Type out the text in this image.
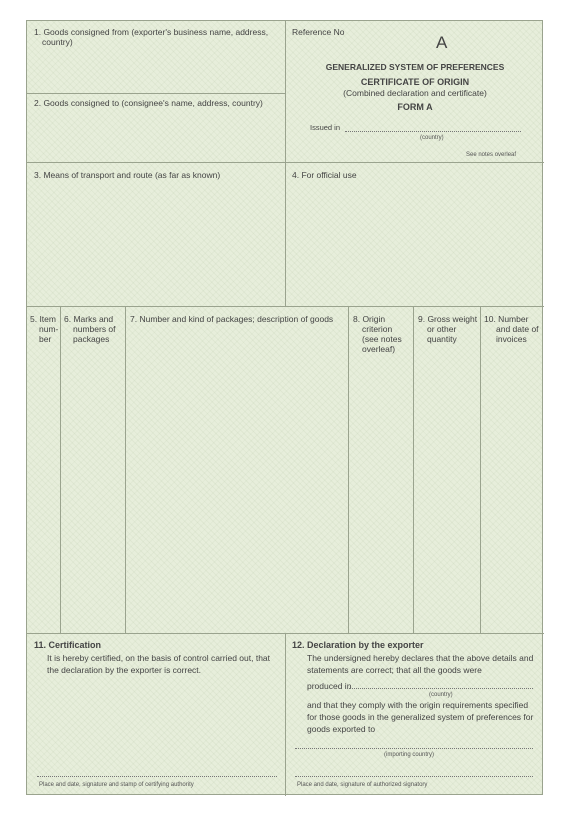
1. Goods consigned from (exporter's business name, address,
country)
2. Goods consigned to (consignee's name, address, country)
Reference No
A
GENERALIZED SYSTEM OF PREFERENCES
CERTIFICATE OF ORIGIN
(Combined declaration and certificate)
FORM A
Issued in
(country)
See notes overleaf
3. Means of transport and route (as far as known)	4. For official use
5. Item
num-
ber
6. Marks and
numbers of
packages
7. Number and kind of packages; description of goods	8. Origin
criterion
(see notes
overleaf)
9. Gross weight
or other
quantity
10. Number
and date of
invoices
11. Certification
It is hereby certified, on the basis of control carried out, that
the declaration by the exporter is correct.
Place and date, signature and stamp of certifying authority
12. Declaration by the exporter
The undersigned hereby declares that the above details and
statements are correct; that all the goods were
produced in
(country)
and that they comply with the origin requirements specified
for those goods in the generalized system of preferences for
goods exported to
(importing country)
Place and date, signature of authorized signatory
